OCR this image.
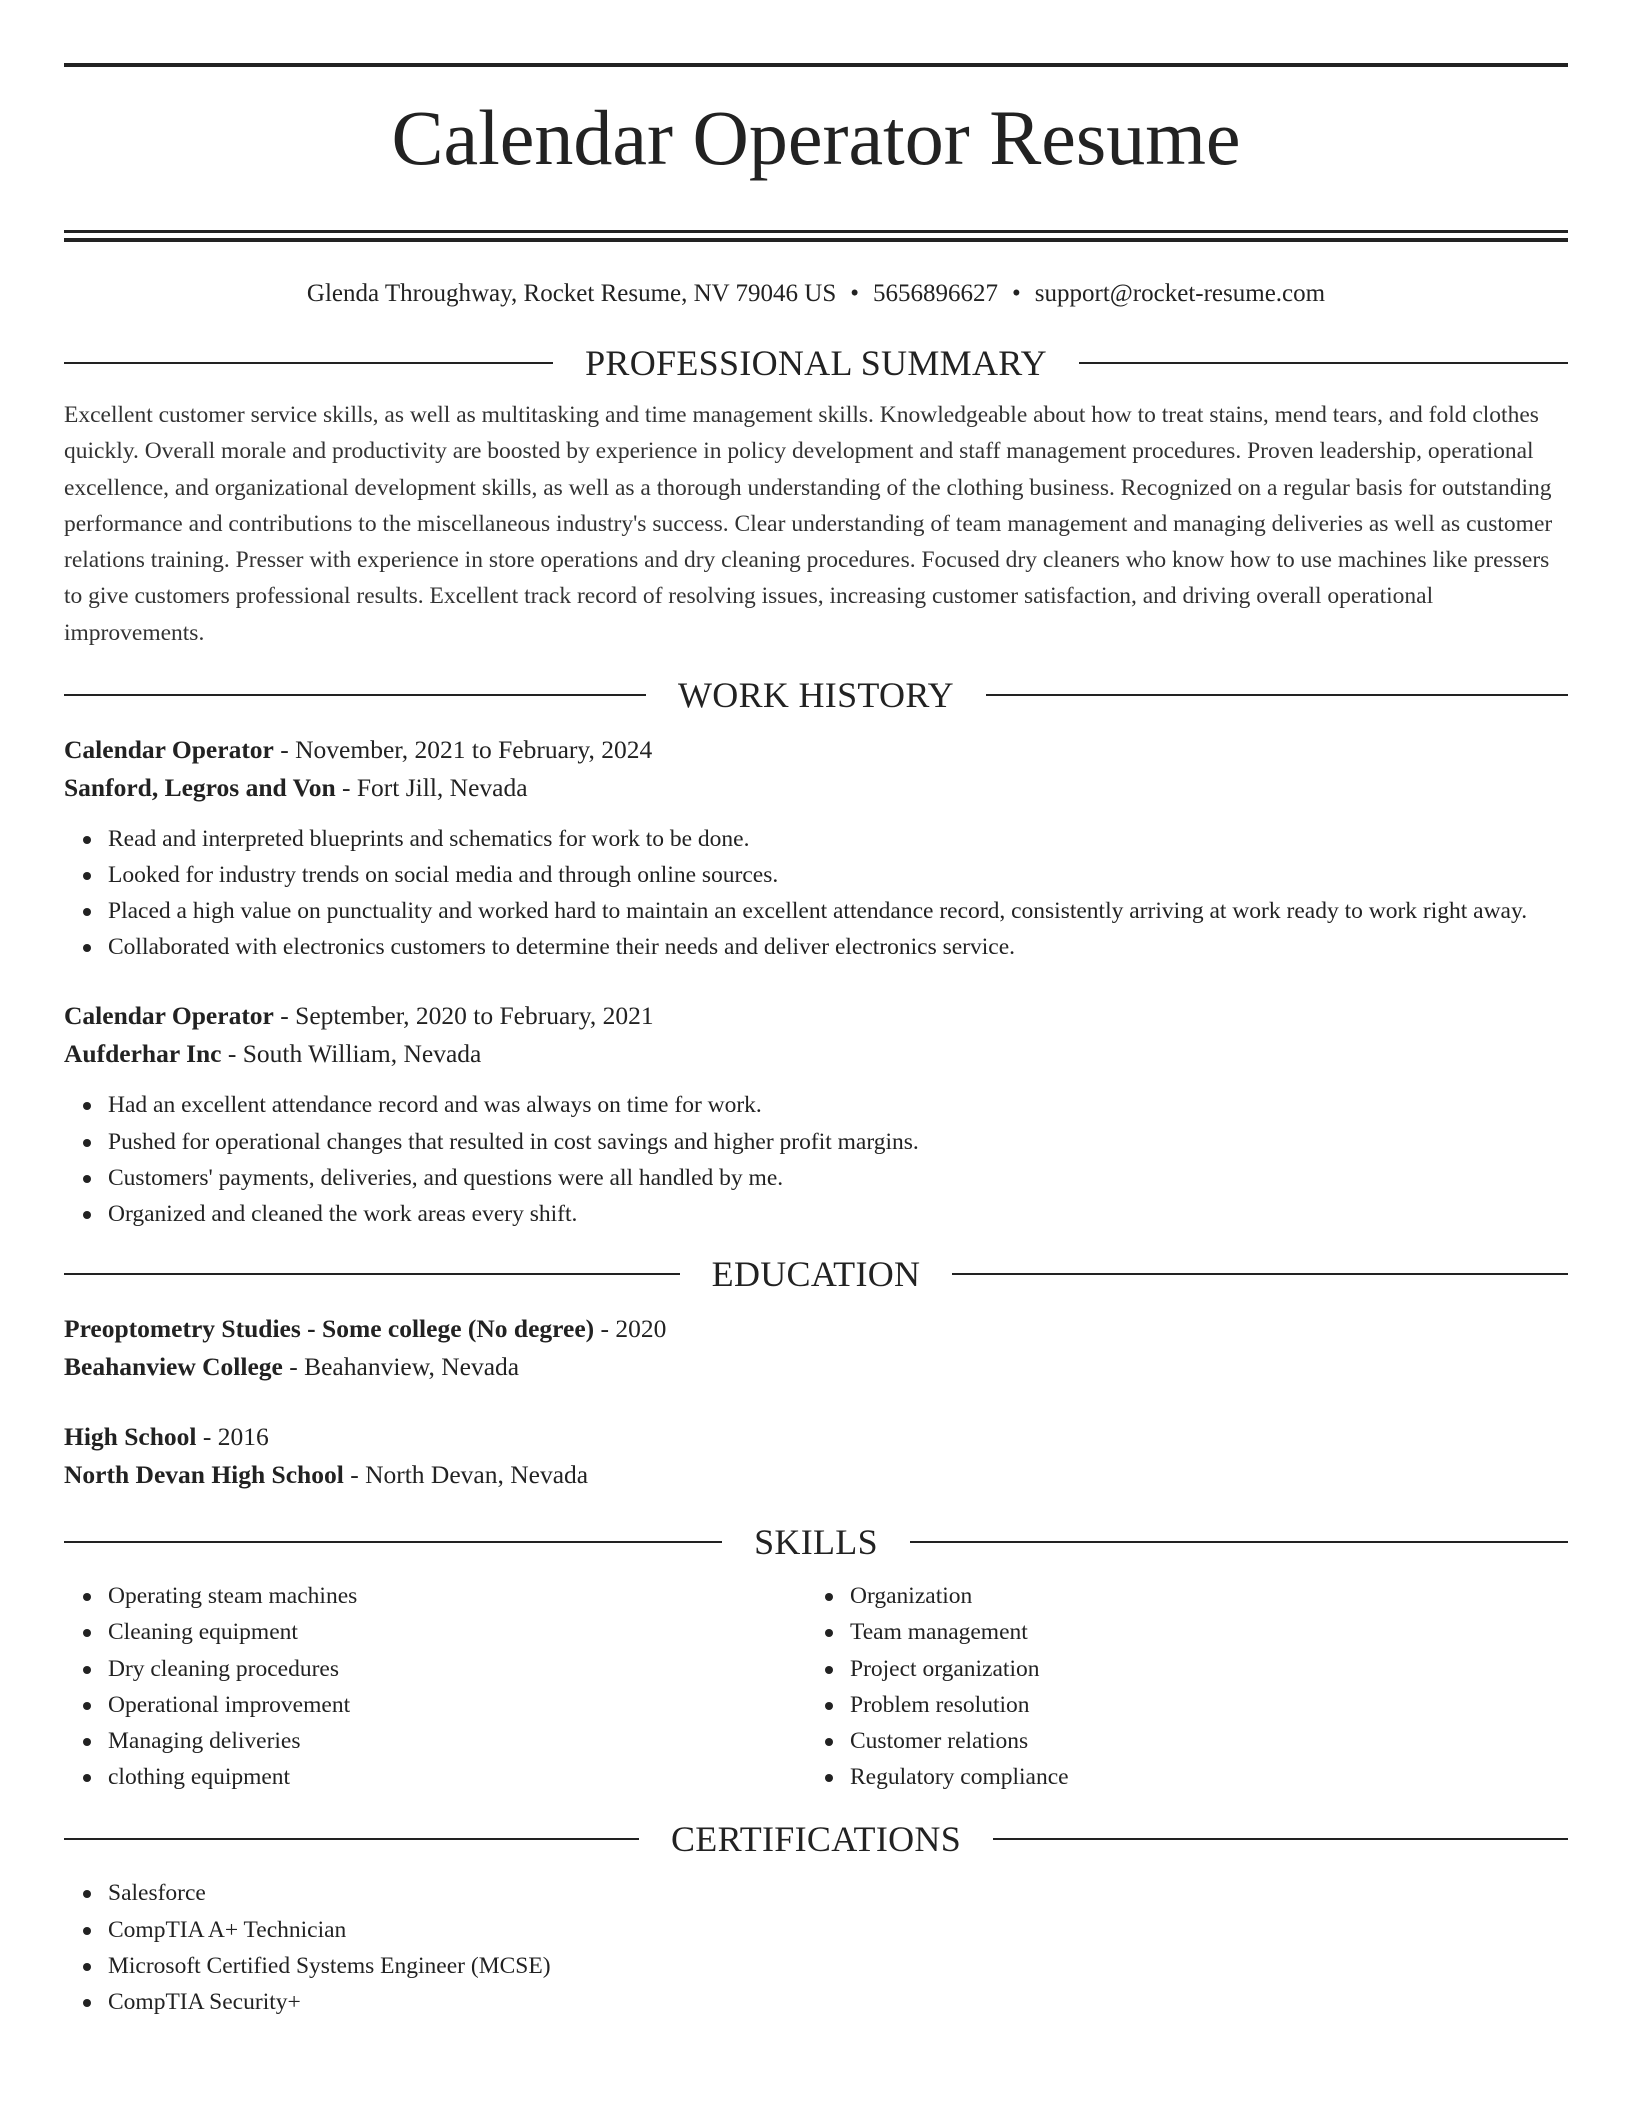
Calendar Operator Resume
Glenda Throughway, Rocket Resume, NV 79046 US • 5656896627 • support@rocket-resume.com
PROFESSIONAL SUMMARY

Excellent customer service skills, as well as multitasking and time management skills. Knowledgeable about how to treat stains, mend tears, and fold clothes quickly. Overall morale and productivity are boosted by experience in policy development and staff management procedures. Proven leadership, operational excellence, and organizational development skills, as well as a thorough understanding of the clothing business. Recognized on a regular basis for outstanding performance and contributions to the miscellaneous industry's success. Clear understanding of team management and managing deliveries as well as customer relations training. Presser with experience in store operations and dry cleaning procedures. Focused dry cleaners who know how to use machines like pressers to give customers professional results. Excellent track record of resolving issues, increasing customer satisfaction, and driving overall operational improvements.

WORK HISTORY
Calendar Operator - November, 2021 to February, 2024
Sanford, Legros and Von - Fort Jill, Nevada
Read and interpreted blueprints and schematics for work to be done.
Looked for industry trends on social media and through online sources.
Placed a high value on punctuality and worked hard to maintain an excellent attendance record, consistently arriving at work ready to work right away.
Collaborated with electronics customers to determine their needs and deliver electronics service.
Calendar Operator - September, 2020 to February, 2021
Aufderhar Inc - South William, Nevada
Had an excellent attendance record and was always on time for work.
Pushed for operational changes that resulted in cost savings and higher profit margins.
Customers' payments, deliveries, and questions were all handled by me.
Organized and cleaned the work areas every shift.
EDUCATION
Preoptometry Studies - Some college (No degree) - 2020
Beahanview College - Beahanview, Nevada
High School - 2016
North Devan High School - North Devan, Nevada
SKILLS
Operating steam machines
Cleaning equipment
Dry cleaning procedures
Operational improvement
Managing deliveries
clothing equipment
Organization
Team management
Project organization
Problem resolution
Customer relations
Regulatory compliance
CERTIFICATIONS
Salesforce
CompTIA A+ Technician
Microsoft Certified Systems Engineer (MCSE)
CompTIA Security+
